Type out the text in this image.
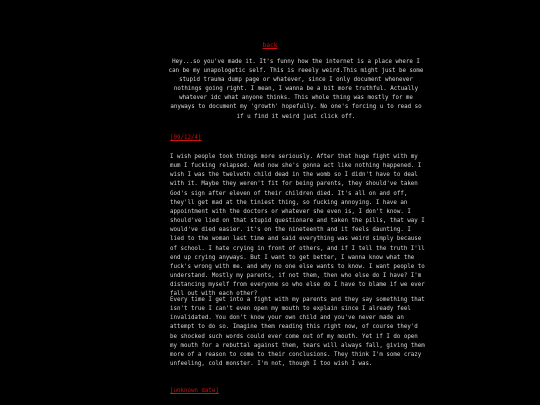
back

Hey...so you've made it. It's funny how the internet is a place where I can be my unapologetic self. This is reeely weird.This might just be some stupid trauma dump page or whatever, since I only document whenever nothings going right. I mean, I wanna be a bit more truthful. Actually whatever idc what anyone thinks. This whole thing was mostly for me anyways to document my 'growth' hopefully. No one's forcing u to read so if u find it weird just click off.

[09/12/4]

I wish people took things more seriously. After that huge fight with my mum I fucking relapsed. And now she's gonna act like nothing happened. I wish I was the twelveth child dead in the womb so I didn't have to deal with it. Maybe they weren't fit for being parents, they should've taken God's sign after eleven of their children died. It's all on and off, they'll get mad at the tiniest thing, so fucking annoying. I have an appointment with the doctors or whatever she even is, I don't know. I should've lied on that stupid questionare and taken the pills, that way I would've died easier. it's on the nineteenth and it feels daunting. I lied to the woman last time and said everything was weird simply because of school. I hate crying in front of others, and if I tell the truth I'll end up crying anyways. But I want to get better, I wanna know what the fuck's wrong with me. and why no one else wants to know. I want people to understand. Mostly my parents, if not them, then who else do I have? I'm distancing myself from everyone so who else do I have to blame if we ever fall out with each other?

Every time I get into a fight with my parents and they say something that isn't true I can't even open my mouth to explain since I already feel invalidated. You don't know your own child and you've never made an attempt to do so. Imagine them reading this right now, of course they'd be shocked such words could ever come out of my mouth. Yet if I do open my mouth for a rebuttal against them, tears will always fall, giving them more of a reason to come to their conclusions. They think I'm some crazy unfeeling, cold monster. I'm not, though I too wish I was.

[unknown date]
